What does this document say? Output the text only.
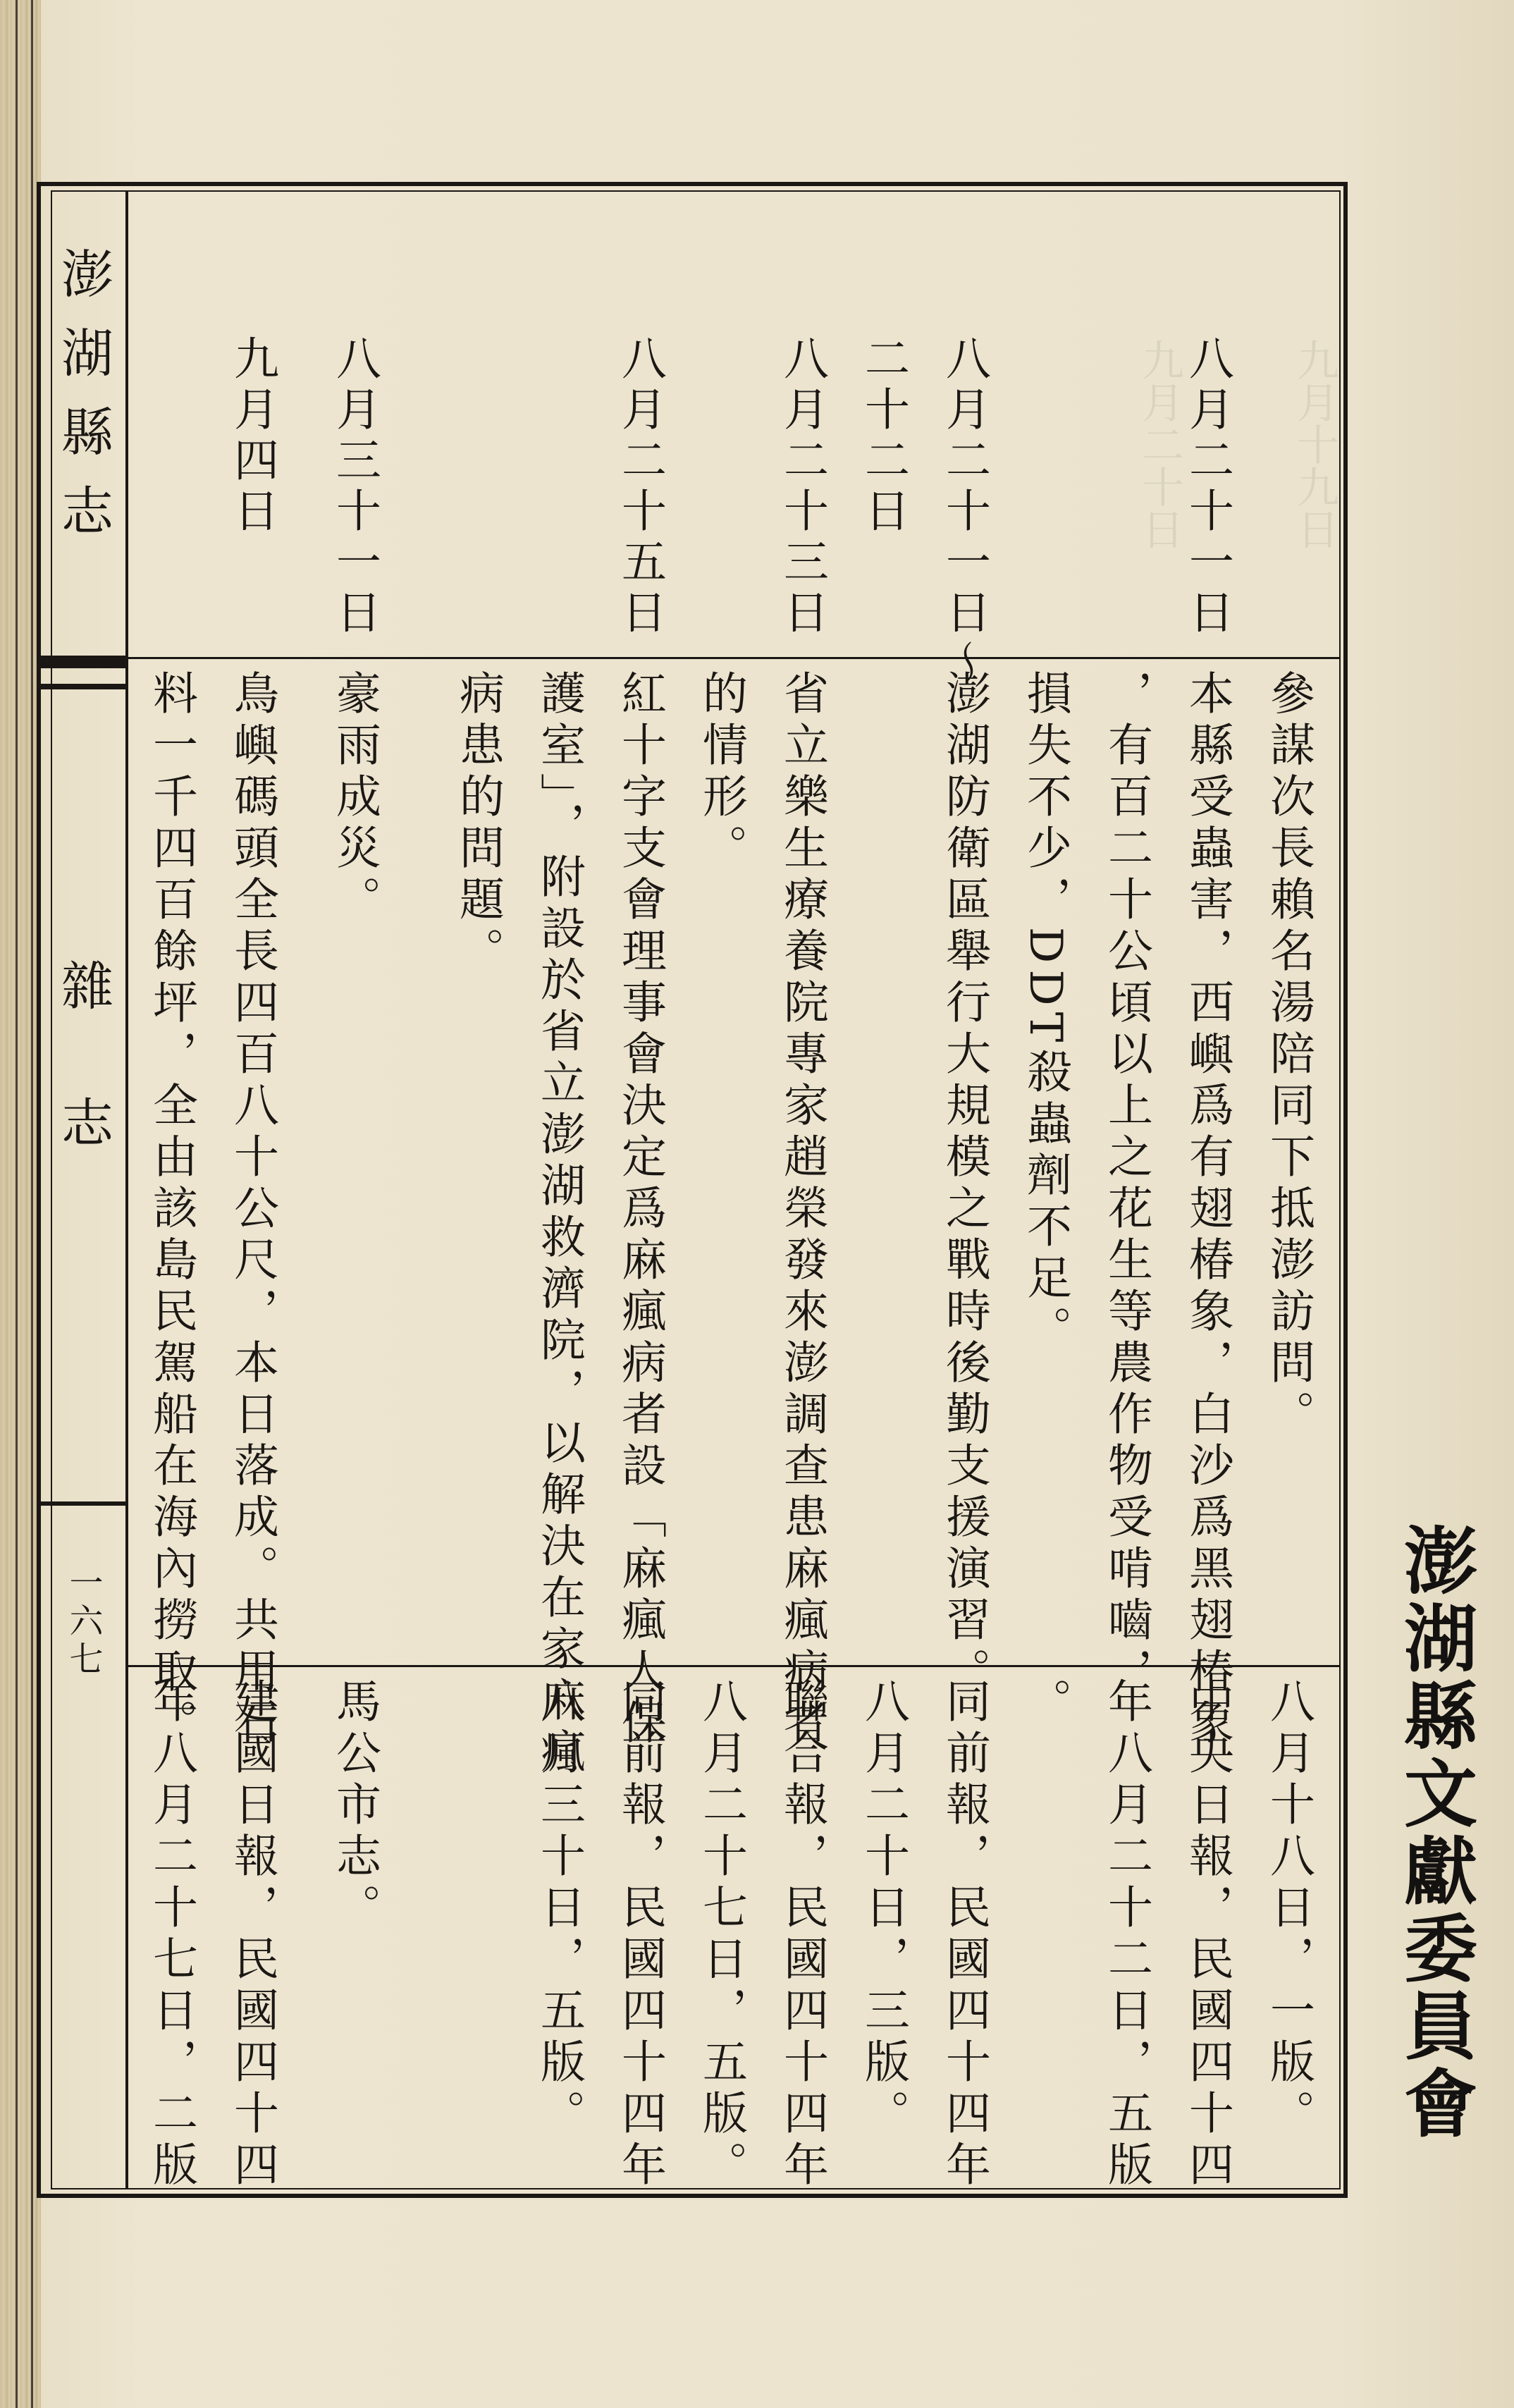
九月十九日
九月二十日
澎湖縣志
雜志
一六七
參謀次長賴名湯陪同下抵澎訪問。
八月十八日，一版。
八月二十一日
本縣受蟲害，西嶼爲有翅椿象，白沙爲黑翅椿象
中央日報，民國四十四
，有百二十公頃以上之花生等農作物受啃嚙，
年八月二十二日，五版
損失不少，DDT殺蟲劑不足。
。
八月二十一日～
澎湖防衛區舉行大規模之戰時後勤支援演習。
同前報，民國四十四年
二十二日
八月二十日，三版。
八月二十三日
省立樂生療養院專家趙榮發來澎調查患麻瘋病者
聯合報，民國四十四年
的情形。
八月二十七日，五版。
八月二十五日
紅十字支會理事會決定爲麻瘋病者設「麻瘋人保
同前報，民國四十四年
護室」，附設於省立澎湖救濟院，以解決在家麻瘋
八月三十日，五版。
病患的問題。
八月三十一日
豪雨成災。
馬公市志。
九月四日
鳥嶼碼頭全長四百八十公尺，本日落成。共用石
建國日報，民國四十四
料一千四百餘坪，全由該島民駕船在海內撈取。
年八月二十七日，二版	澎湖縣文獻委員會
